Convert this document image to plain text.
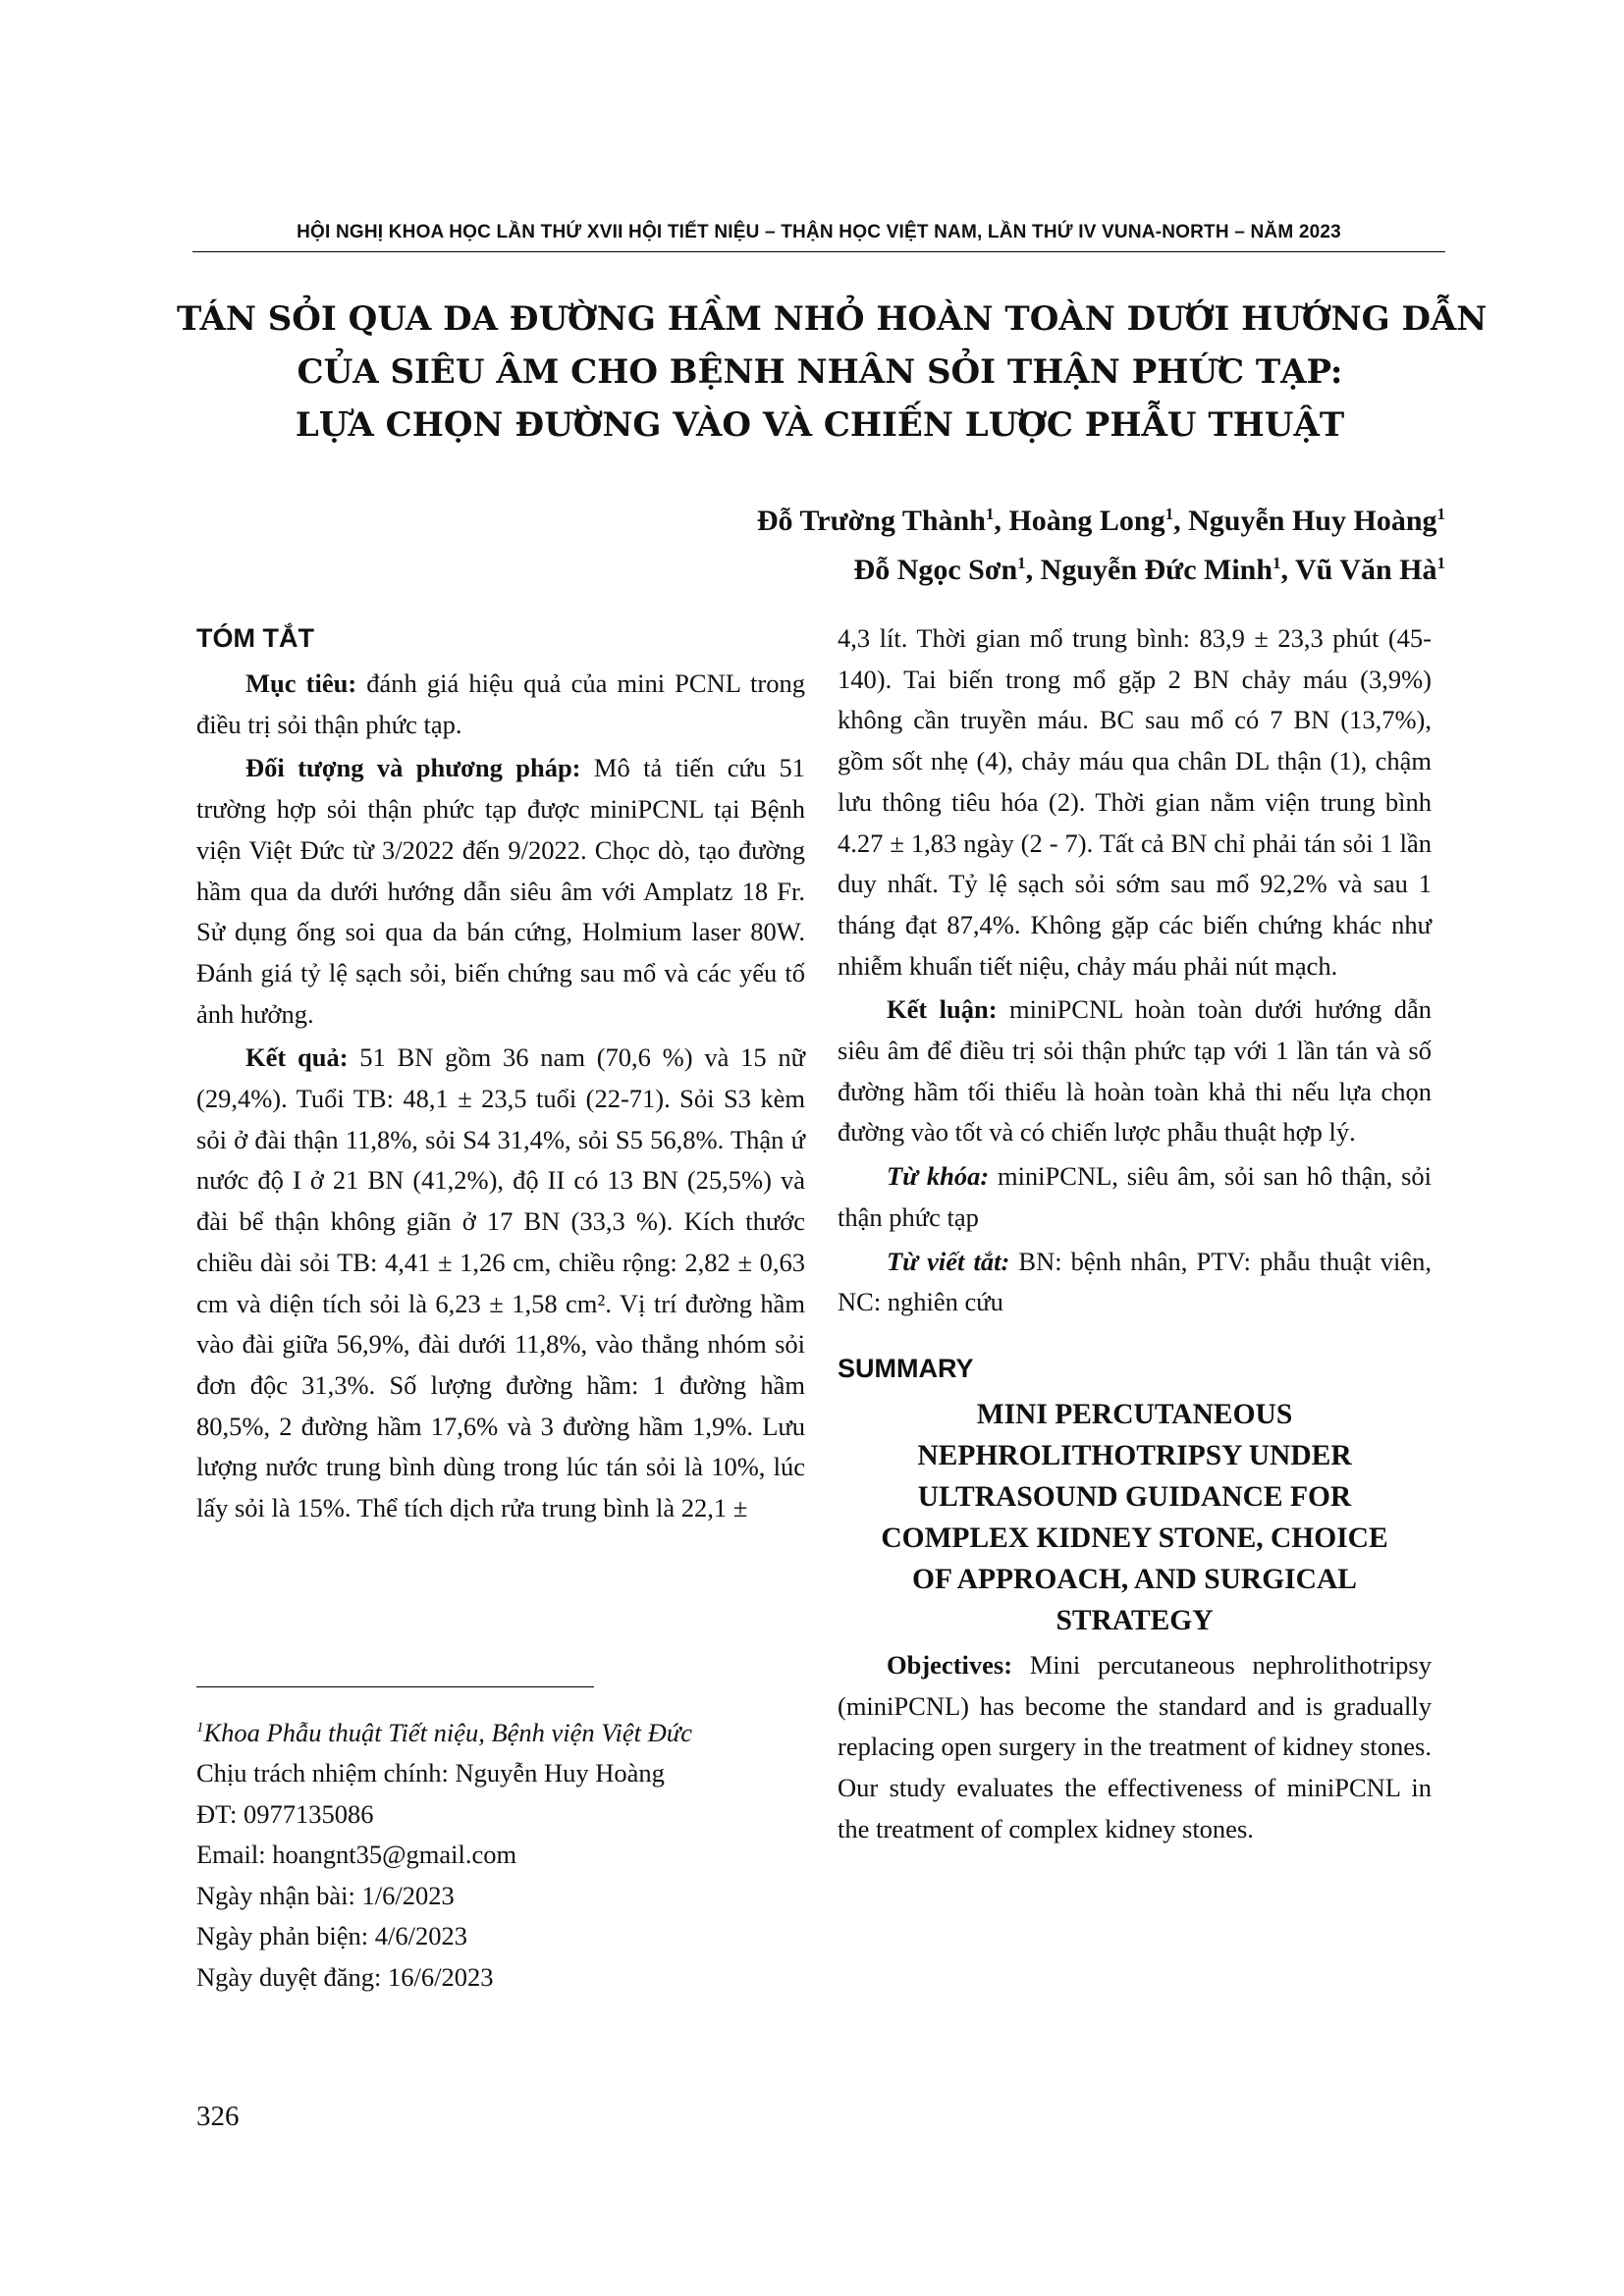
HỘI NGHỊ KHOA HỌC LẦN THỨ XVII HỘI TIẾT NIỆU – THẬN HỌC VIỆT NAM, LẦN THỨ IV VUNA-NORTH – NĂM 2023
TÁN SỎI QUA DA ĐƯỜNG HẦM NHỎ HOÀN TOÀN DƯỚI HƯỚNG DẪN
CỦA SIÊU ÂM CHO BỆNH NHÂN SỎI THẬN PHỨC TẠP:
LỰA CHỌN ĐƯỜNG VÀO VÀ CHIẾN LƯỢC PHẪU THUẬT
Đỗ Trường Thành$^1$, Hoàng Long$^1$, Nguyễn Huy Hoàng$^1$
Đỗ Ngọc Sơn$^1$, Nguyễn Đức Minh$^1$, Vũ Văn $Hà^1$
TÓM TẮT

Mục tiêu: đánh giá hiệu quả của mini PCNL trong điều trị sỏi thận phức tạp.

Đối tượng và phương pháp: Mô tả tiến cứu 51 trường hợp sỏi thận phức tạp được miniPCNL tại Bệnh viện Việt Đức từ 3/2022 đến 9/2022. Chọc dò, tạo đường hầm qua da dưới hướng dẫn siêu âm với Amplatz 18 Fr. Sử dụng ống soi qua da bán cứng, Holmium laser 80W. Đánh giá tỷ lệ sạch sỏi, biến chứng sau mổ và các yếu tố ảnh hưởng.

Kết quả: 51 BN gồm 36 nam (70,6 %) và 15 nữ (29,4%). Tuổi TB: 48,1 ± 23,5 tuổi (22-71). Sỏi S3 kèm sỏi ở đài thận 11,8%, sỏi S4 31,4%, sỏi S5 56,8%. Thận ứ nước độ I ở 21 BN (41,2%), độ II có 13 BN (25,5%) và đài bể thận không giãn ở 17 BN (33,3 %). Kích thước chiều dài sỏi TB: 4,41 ± 1,26 cm, chiều rộng: 2,82 ± 0,63 cm và diện tích sỏi là 6,23 ± 1,58 cm². Vị trí đường hầm vào đài giữa 56,9%, đài dưới 11,8%, vào thẳng nhóm sỏi đơn độc 31,3%. Số lượng đường hầm: 1 đường hầm 80,5%, 2 đường hầm 17,6% và 3 đường hầm 1,9%. Lưu lượng nước trung bình dùng trong lúc tán sỏi là 10%, lúc lấy sỏi là 15%. Thể tích dịch rửa trung bình là 22,1 ±

$^1$Khoa Phẫu thuật Tiết niệu, Bệnh viện Việt Đức
Chịu trách nhiệm chính: Nguyễn Huy Hoàng
ĐT: 0977135086
Email: hoangnt35@gmail.com
Ngày nhận bài: 1/6/2023
Ngày phản biện: 4/6/2023
Ngày duyệt đăng: 16/6/2023
326

4,3 lít. Thời gian mổ trung bình: 83,9 ± 23,3 phút (45-140). Tai biến trong mổ gặp 2 BN chảy máu (3,9%) không cần truyền máu. BC sau mổ có 7 BN (13,7%), gồm sốt nhẹ (4), chảy máu qua chân DL thận (1), chậm lưu thông tiêu hóa (2). Thời gian nằm viện trung bình 4.27 ± 1,83 ngày (2 - 7). Tất cả BN chỉ phải tán sỏi 1 lần duy nhất. Tỷ lệ sạch sỏi sớm sau mổ 92,2% và sau 1 tháng đạt 87,4%. Không gặp các biến chứng khác như nhiễm khuẩn tiết niệu, chảy máu phải nút mạch.

Kết luận: miniPCNL hoàn toàn dưới hướng dẫn siêu âm để điều trị sỏi thận phức tạp với 1 lần tán và số đường hầm tối thiểu là hoàn toàn khả thi nếu lựa chọn đường vào tốt và có chiến lược phẫu thuật hợp lý.

Từ khóa: miniPCNL, siêu âm, sỏi san hô thận, sỏi thận phức tạp

Từ viết tắt: BN: bệnh nhân, PTV: phẫu thuật viên, NC: nghiên cứu

SUMMARY
MINI PERCUTANEOUS
NEPHROLITHOTRIPSY UNDER
ULTRASOUND GUIDANCE FOR
COMPLEX KIDNEY STONE, CHOICE
OF APPROACH, AND SURGICAL
STRATEGY

Objectives: Mini percutaneous nephrolithotripsy (miniPCNL) has become the standard and is gradually replacing open surgery in the treatment of kidney stones. Our study evaluates the effectiveness of miniPCNL in the treatment of complex kidney stones.
